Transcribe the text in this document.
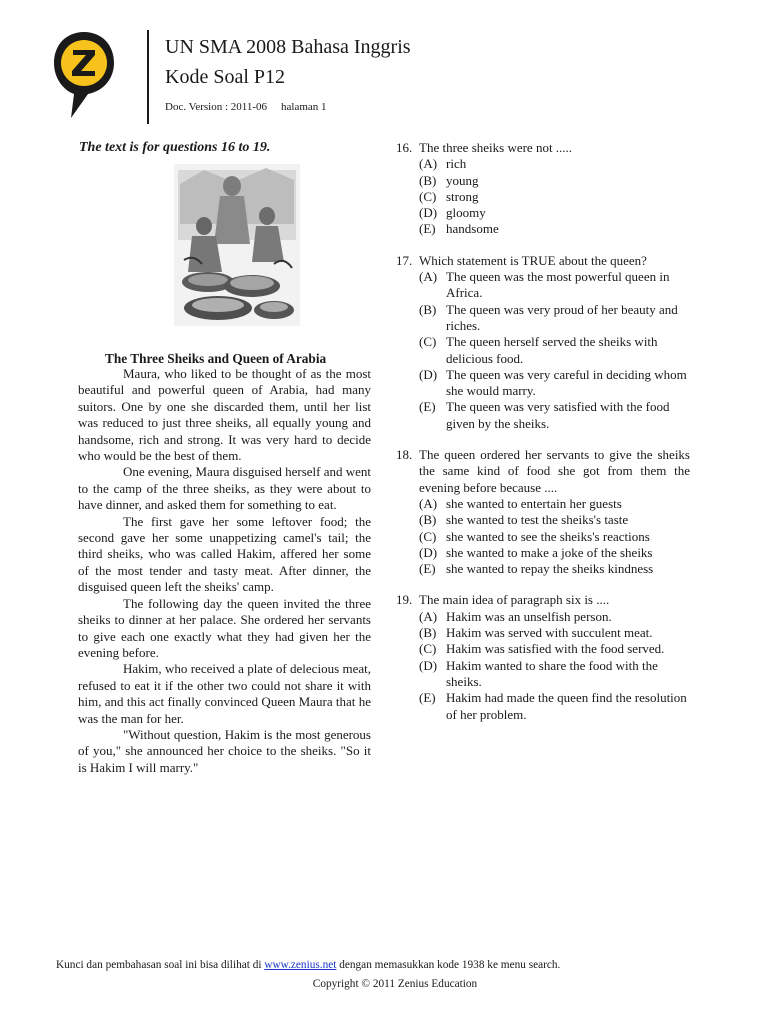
UN SMA 2008 Bahasa Inggris
Kode Soal P12
Doc. Version : 2011-06 halaman 1
The text is for questions 16 to 19.
The Three Sheiks and Queen of Arabia

Maura, who liked to be thought of as the most beautiful and powerful queen of Arabia, had many suitors. One by one she discarded them, until her list was reduced to just three sheiks, all equally young and handsome, rich and strong. It was very hard to decide who would be the best of them.

One evening, Maura disguised herself and went to the camp of the three sheiks, as they were about to have dinner, and asked them for something to eat.

The first gave her some leftover food; the second gave her some unappetizing camel's tail; the third sheiks, who was called Hakim, affered her some of the most tender and tasty meat. After dinner, the disguised queen left the sheiks' camp.

The following day the queen invited the three sheiks to dinner at her palace. She ordered her servants to give each one exactly what they had given her the evening before.

Hakim, who received a plate of delecious meat, refused to eat it if the other two could not share it with him, and this act finally convinced Queen Maura that he was the man for her.

"Without question, Hakim is the most generous of you," she announced her choice to the sheiks. "So it is Hakim I will marry."

16. The three sheiks were not .....
(A) rich
(B) young
(C) strong
(D) gloomy
(E) handsome
17. Which statement is TRUE about the queen?
(A) The queen was the most powerful queen in Africa.
(B) The queen was very proud of her beauty and riches.
(C) The queen herself served the sheiks with delicious food.
(D) The queen was very careful in deciding whom she would marry.
(E) The queen was very satisfied with the food given by the sheiks.
18. The queen ordered her servants to give the sheiks the same kind of food she got from them the evening before because ....
(A) she wanted to entertain her guests
(B) she wanted to test the sheiks's taste
(C) she wanted to see the sheiks's reactions
(D) she wanted to make a joke of the sheiks
(E) she wanted to repay the sheiks kindness
19. The main idea of paragraph six is ....
(A) Hakim was an unselfish person.
(B) Hakim was served with succulent meat.
(C) Hakim was satisfied with the food served.
(D) Hakim wanted to share the food with the sheiks.
(E) Hakim had made the queen find the resolution of her problem.
Kunci dan pembahasan soal ini bisa dilihat di www.zenius.net dengan memasukkan kode 1938 ke menu search.
Copyright © 2011 Zenius Education
